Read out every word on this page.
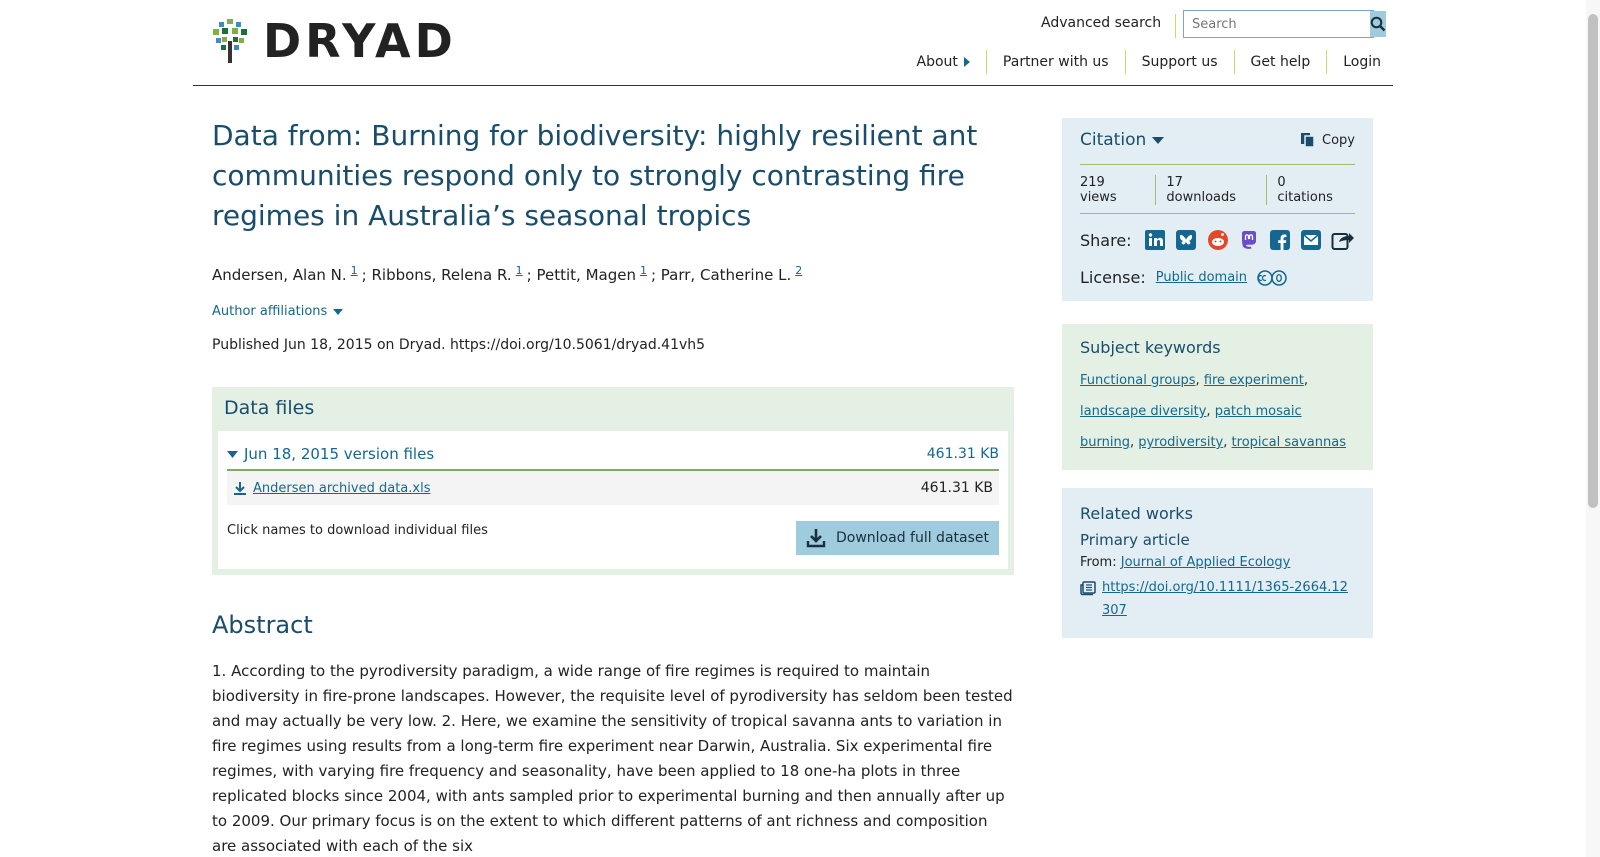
DRYAD	Advanced search
Search
About	Partner with us	Support us	Get help	Login
Data from: Burning for biodiversity: highly resilient ant communities respond only to strongly contrasting fire regimes in Australia’s seasonal tropics
Andersen, Alan N. $^1$ ; Ribbons, Relena R. $^1$ ; Pettit, Magen $^1$ ; Parr, Catherine L. $^2$
Author affiliations
Published Jun 18, 2015 on Dryad. https://doi.org/10.5061/dryad.41vh5
Data files
Jun 18, 2015 version files	461.31 KB
Andersen archived data.xls	461.31 KB
Click names to download individual files	Download full dataset
Abstract

1. According to the pyrodiversity paradigm, a wide range of fire regimes is required to maintain biodiversity in fire-prone landscapes. However, the requisite level of pyrodiversity has seldom been tested and may actually be very low. 2. Here, we examine the sensitivity of tropical savanna ants to variation in fire regimes using results from a long-term fire experiment near Darwin, Australia. Six experimental fire regimes, with varying fire frequency and seasonality, have been applied to 18 one-ha plots in three replicated blocks since 2004, with ants sampled prior to experimental burning and then annually after up to 2009. Our primary focus is on the extent to which different patterns of ant richness and composition are associated with each of the six

Citation	Copy
219 views
17 downloads
0 citations
Share:
License: Public domain
Subject keywords
Functional groups, fire experiment,
landscape diversity, patch mosaic burning, pyrodiversity, tropical savannas
Related works
Primary article
From: Journal of Applied Ecology
https://doi.org/10.1111/1365-2664.12
307
